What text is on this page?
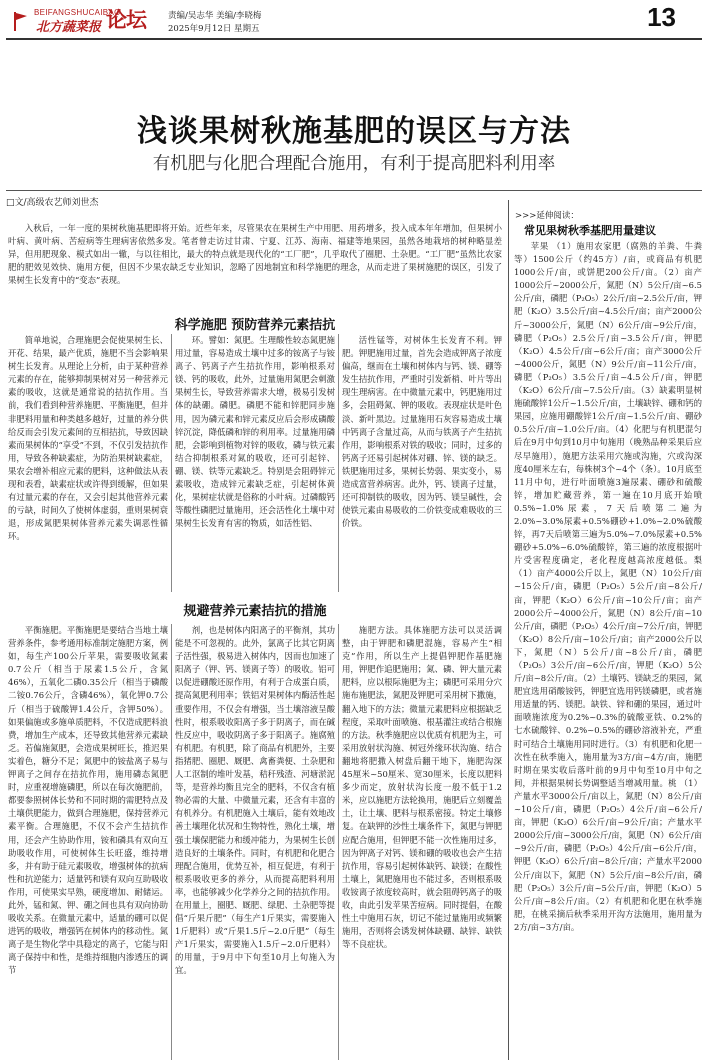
BEIFANGSHUCAIBAO
北方蔬菜报 论坛	责编/吴志华 美编/李晓梅
2025年9月12日 星期五	13
浅谈果树秋施基肥的误区与方法
有机肥与化肥合理配合施用，有利于提高肥料利用率
□文/高级农艺师刘世杰

入秋后，一年一度的果树秋施基肥即将开始。近些年来，尽管果农在果树生产中用肥、用药增多，投入成本年年增加，但果树小叶病、黄叶病、苦痘病等生理病害依然多发。笔者曾走访过甘肃、宁夏、江苏、海南、福建等地果园，虽然各地栽培的树种略显差异，但用肥现象、模式如出一辙，与以往相比，最大的特点就是现代化的“工厂肥”，几乎取代了圈肥、土杂肥。“工厂肥”虽然比农家肥的肥效见效快、施用方便，但因不少果农缺乏专业知识，忽略了因地制宜和科学施肥的理念，从而走进了果树施肥的误区，引发了果树生长发育中的“变态”表现。

科学施肥 预防营养元素拮抗

简单地说，合理施肥会促使果树生长、开花、结果，最产优质，施肥不当会影响果树生长发育。从理论上分析，由于某种营养元素的存在，能够抑制果树对另一种营养元素的吸收，这就是通常说的拮抗作用。当前，我们看到种营养施肥、平衡施肥，但并非肥料用量和种类越多越好，过量的养分供给反而会引发元素间的互相拮抗，导致因缺素而果树体的“享受”不到，不仅引发拮抗作用，导致各种缺素症，为防治果树缺素症，果农会增补相应元素的肥料，这种做法从表现和表看，缺素症状或许得到缓解，但如果有过量元素的存在，又会引起其他营养元素的亏缺，时间久了使树体虚弱，重则果树衰退，形成氮肥果树体营养元素失调恶性循环。

环。譬如：氮肥。生理酸性较态氮肥施用过量，容易造成土壤中过多的铵离子与铵离子、钙离子产生拮抗作用，影响根系对镁、钙的吸收，此外，过量施用氮肥会刺激果树生长，导致营养需求大增，极易引发树体的缺硼。磷肥。磷肥不能和锌肥同步施用，因为磷元素和锌元素反应后会形成磷酸锌沉淀，降低磷和锌的利用率。过量施用磷肥，会影响到植物对锌的吸收，磷与铁元素结合抑制根系对氮的吸收，还可引起锌、硼、镁、铁等元素缺乏。特别是会阻碍锌元素吸收，造成锌元素缺乏症，引起树体黄化，果树症状就是俗称的小叶病。过磷酸钙等酸性磷肥过量施用，还会活性化土壤中对果树生长发育有害的物质，如活性铝、

活性锰等，对树体生长发育不利。钾肥。钾肥施用过量，首先会造成钾离子浓度偏高，继而在土壤和树体内与钙、镁、硼等发生拮抗作用，严重时引发新梢、叶片等出现生理病害。在中微量元素中，钙肥施用过多，会阻碍氮、钾的吸收。表现症状是叶色淡、新叶黑边。过量施用石灰容易造成土壤中钙离子含量过高，从而与铁离子产生拮抗作用，影响根系对铁的吸收；同时，过多的钙离子还易引起树体对硼、锌、镁的缺乏。铁肥施用过多，果树长势弱、果实变小，易造成富营养病害。此外，钙、镁离子过量，还可抑制铁的吸收，因为钙、镁呈碱性，会使铁元素由易吸收的二价铁变成难吸收的三价铁。

规避营养元素拮抗的措施

平衡施肥。平衡施肥是要结合当地土壤营养条件，参考通用标准制定施肥方案，例如，每生产100公斤苹果，需要吸收氮素0.7公斤（相当于尿素1.5公斤，含氮46%），五氧化二磷0.35公斤（相当于磷酸二铵0.76公斤，含磷46%），氧化钾0.7公斤（相当于硫酸钾1.4公斤，含钾50%）。如果偏施或多施单质肥料，不仅造成肥料浪费，增加生产成本，还导致其他营养元素缺乏。若偏施氮肥，会造成果树旺长，推迟果实着色，糖分不足；氮肥中的铵盐离子易与钾离子之间存在拮抗作用，施用磷态氮肥时，应重视增施磷肥，所以在每次施肥前，都要参照树体长势和不同时期的需肥特点及土壤供肥能力，做到合理施肥，保持营养元素平衡。合理施肥，不仅不会产生拮抗作用，还会产生协助作用，铵和磷具有双向互助吸收作用，可使树体生长旺盛，维持增多，并有助于硅元素吸收，增强树体的抗病性和抗逆能力；适量钙和镁有双向互助吸收作用，可使果实早熟，硬度增加、耐储运。此外，锰和氮、钾、硼之间也具有双向协助吸收关系。在微量元素中，适量的硼可以促进钙的吸收，增强钙在树体内的移动性。氮离子是生物化学中具稳定的离子，它能与阳离子保持中和性，是维持细胞内渗透压的调节

剂，也是树体内阳离子的平衡剂，其功能是不可忽视的。此外，氯离子比其它阴离子活性强，极易进入树体内，因而也加速了阳离子（钾、钙、镁离子等）的吸收。铝可以促进硼酸还原作用，有利于合成蛋白质，提高氮肥利用率；铁铝对果树体内酶活性起重要作用，不仅会有增强，当土壤溶液呈酸性时，根系吸收阳离子多于阴离子，而在碱性反应中，吸收阴离子多于阳离子。施腐殖有机肥。有机肥，除了商品有机肥外，主要指猪肥、圈肥、厩肥、禽畜粪便、土杂肥和人工沤制的堆叶发基，秸秆残渣、河塘淤泥等，是营养均衡且完全的肥料，不仅含有植物必需的大量、中微量元素，还含有丰富的有机养分。有机肥施入土壤后，能有效地改善土壤理化状况和生物特性，熟化土壤，增强土壤保肥能力和缓冲能力，为果树生长创造良好的土壤条件。同时，有机肥和化肥合理配合施用，优势互补，相互促进，有利于根系吸收更多的养分，从而提高肥料利用率，也能够减少化学养分之间的拮抗作用。在用量上，圈肥、厩肥、绿肥、土杂肥等提倡“斤果斤肥”（每生产1斤果实，需要施入1斤肥料）或“斤果1.5斤~2.0斤肥”（每生产1斤果实，需要施入1.5斤~2.0斤肥料）的用量，于9月中下旬至10月上旬施入为宜。

施肥方法。具体施肥方法可以灵活调整，由于钾肥和磷肥混施，容易产生“相克”作用，所以生产上提倡钾肥作基肥施用，钾肥作追肥施用；氮、磷、钾大量元素肥料，应以根际施肥为主；磷肥可采用分穴施布施肥法，氮肥及钾肥可采用树下撒施，翻入地下的方法；微量元素肥料应根据缺乏程度，采取叶面喷施、根基灌注或结合根施的方法。秋季施肥应以优质有机肥为主，可采用放射状沟施、树冠外缘环状沟施、结合翻地将肥撒入树盘后翻干地下，施肥沟深45厘米~50厘米、宽30厘米，长度以肥料多少而定，放射状沟长度一般不低于1.2米，应以施肥方法轮换用，施肥后立刻覆盖土，让土壤、肥料与根系密接。特定土壤修复。在缺钾的沙性土壤条件下，氮肥与钾肥应配合施用，但钾肥不能一次性施用过多，因为钾离子对钙、镁和硼的吸收也会产生拮抗作用，容易引起树体缺钙、缺镁；在酸性土壤上，氮肥施用也不能过多，否则根系吸收铵离子浓度较高时，就会阻碍钙离子的吸收，由此引发苹果苦痘病。同时提倡，在酸性土中施用石灰，切记不能过量施用或频繁施用，否则将会诱发树体缺硼、缺锌、缺铁等不良症状。

>>>延伸阅读：
常见果树秋季基肥用量建议

苹果 （1）施用农家肥（腐熟的羊粪、牛粪等）1500公斤（约45方）/亩，或商品有机肥1000公斤/亩，或饼肥200公斤/亩。（2）亩产1000公斤~2000公斤，氮肥（N）5公斤/亩~6.5公斤/亩，磷肥（P₂O₅）2公斤/亩~2.5公斤/亩，钾肥（K₂O）3.5公斤/亩~4.5公斤/亩；亩产2000公斤~3000公斤，氮肥（N）6公斤/亩~9公斤/亩，磷肥（P₂O₅）2.5公斤/亩~3.5公斤/亩，钾肥（K₂O）4.5公斤/亩~6公斤/亩；亩产3000公斤~4000公斤，氮肥（N）9公斤/亩~11公斤/亩，磷肥（P₂O₅）3.5公斤/亩~4.5公斤/亩，钾肥（K₂O）6公斤/亩~7.5公斤/亩。（3）缺素明显树施硫酸锌1公斤~1.5公斤/亩，土壤缺锌、硼和钙的果园，应施用硼酸锌1公斤/亩~1.5公斤/亩、硼砂0.5公斤/亩~1.0公斤/亩。（4）化肥与有机肥混匀后在9月中旬到10月中旬施用（晚熟品种采果后应尽早施用），施肥方法采用穴施或沟施，穴或沟深度40厘米左右，每株树3个~4个（条）。10月底至11月中旬，进行叶面喷施3遍尿素、硼砂和硫酸锌，增加贮藏营养，第一遍在10月底开始喷0.5%~1.0%尿素，7天后喷第二遍为2.0%~3.0%尿素+0.5%硼砂+1.0%~2.0%硫酸锌，再7天后喷第三遍为5.0%~7.0%尿素+0.5%硼砂+5.0%~6.0%硫酸锌，第三遍的浓度根据叶片受害程度确定，老化程度越高浓度越低。梨 （1）亩产4000公斤以上，氮肥（N）10公斤/亩~15公斤/亩，磷肥（P₂O₅）5公斤/亩~8公斤/亩，钾肥（K₂O）6公斤/亩~10公斤/亩；亩产2000公斤~4000公斤，氮肥（N）8公斤/亩~10公斤/亩，磷肥（P₂O₅）4公斤/亩~7公斤/亩，钾肥（K₂O）8公斤/亩~10公斤/亩；亩产2000公斤以下，氮肥（N）5公斤/亩~8公斤/亩，磷肥（P₂O₅）3公斤/亩~6公斤/亩，钾肥（K₂O）5公斤/亩~8公斤/亩。（2）土壤钙、镁缺乏的果园，氮肥宜选用硝酸铵钙，钾肥宜选用钙镁磷肥，或者施用适量的钙、镁肥。缺铁、锌和硼的果园，通过叶面喷施浓度为0.2%~0.3%的硫酸亚铁、0.2%的七水硫酸锌、0.2%~0.5%的硼砂溶液补充，严重时可结合土壤施用同时进行。（3）有机肥和化肥一次性在秋季施入，施用量为3方/亩~4方/亩，施肥时期在果实收后落叶前的9月中旬至10月中旬之间，并根据果树长势调整适当增减用量。桃 （1）产量水平3000公斤/亩以上，氮肥（N）8公斤/亩~10公斤/亩，磷肥（P₂O₅）4公斤/亩~6公斤/亩，钾肥（K₂O）6公斤/亩~9公斤/亩；产量水平2000公斤/亩~3000公斤/亩，氮肥（N）6公斤/亩~9公斤/亩，磷肥（P₂O₅）4公斤/亩~6公斤/亩，钾肥（K₂O）6公斤/亩~8公斤/亩；产量水平2000公斤/亩以下，氮肥（N）5公斤/亩~8公斤/亩，磷肥（P₂O₅）3公斤/亩~5公斤/亩，钾肥（K₂O）5公斤/亩~8公斤/亩。（2）有机肥和化肥在秋季施肥，在桃采摘后秋季采用开沟方法施用，施用量为2方/亩~3方/亩。
